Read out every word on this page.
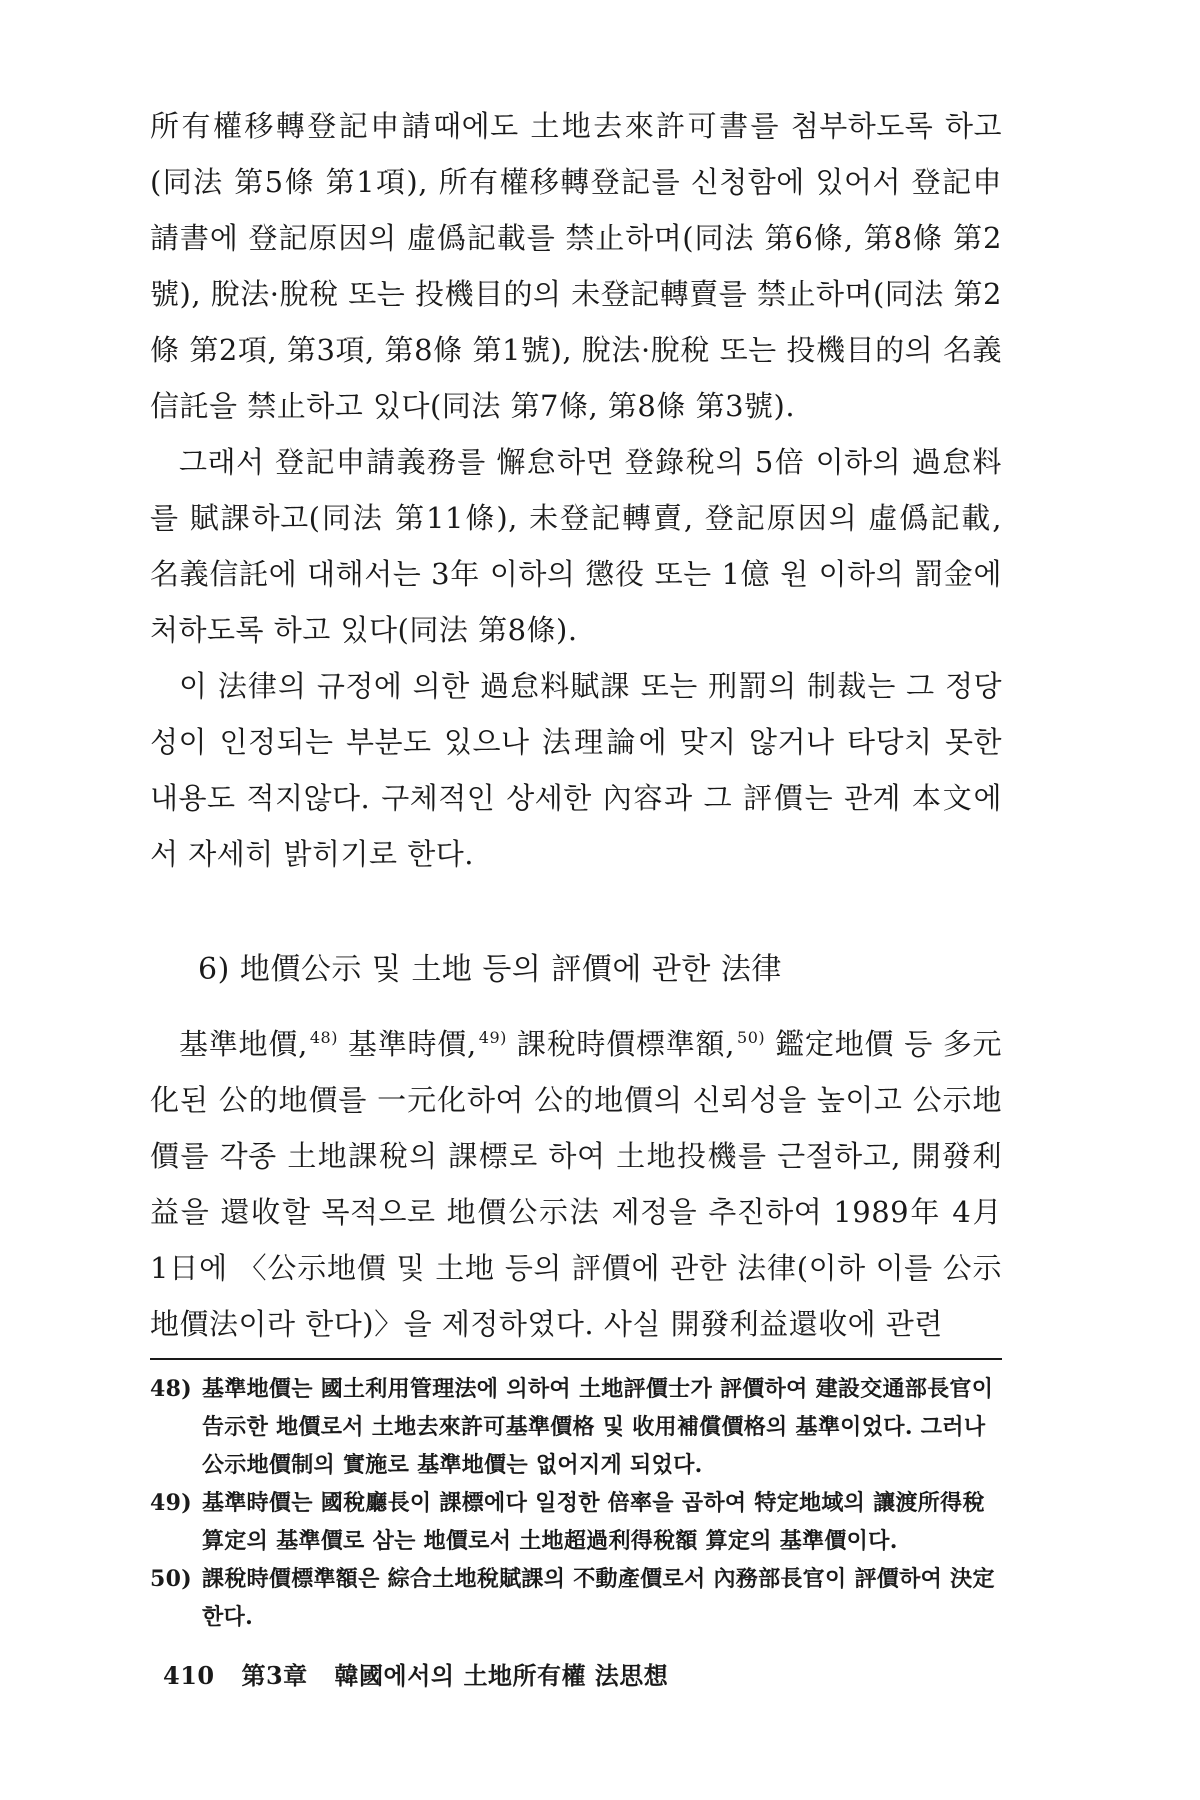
所有權移轉登記申請때에도 土地去來許可書를 첨부하도록 하고(同法 第5條 第1項), 所有權移轉登記를 신청함에 있어서 登記申請書에 登記原因의 虛僞記載를 禁止하며(同法 第6條, 第8條 第2號), 脫法·脫稅 또는 投機目的의 未登記轉賣를 禁止하며(同法 第2條 第2項, 第3項, 第8條 第1號), 脫法·脫稅 또는 投機目的의 名義信託을 禁止하고 있다(同法 第7條, 第8條 第3號).

그래서 登記申請義務를 懈怠하면 登錄稅의 5倍 이하의 過怠料를 賦課하고(同法 第11條), 未登記轉賣, 登記原因의 虛僞記載, 名義信託에 대해서는 3年 이하의 懲役 또는 1億 원 이하의 罰金에 처하도록 하고 있다(同法 第8條).

이 法律의 규정에 의한 過怠料賦課 또는 刑罰의 制裁는 그 정당성이 인정되는 부분도 있으나 法理論에 맞지 않거나 타당치 못한 내용도 적지않다. 구체적인 상세한 內容과 그 評價는 관계 本文에서 자세히 밝히기로 한다.

6) 地價公示 및 土地 등의 評價에 관한 法律

基準地價, $^{48)}$ 基準時價, $^{49)}$ 課稅時價標準額, $^{50)}$ 鑑定地價 등 多元化된 公的地價를 一元化하여 公的地價의 신뢰성을 높이고 公示地價를 각종 土地課稅의 課標로 하여 土地投機를 근절하고, 開發利益을 還收할 목적으로 地價公示法 제정을 추진하여 1989年 4月 1日에 〈公示地價 및 土地 등의 評價에 관한 法律(이하 이를 公示地價法이라 한다)〉을 제정하였다. 사실 開發利益還收에 관련

48) 基準地價는 國土利用管理法에 의하여 土地評價士가 評價하여 建設交通部長官이 告示한 地價로서 土地去來許可基準價格 및 收用補償價格의 基準이었다. 그러나 公示地價制의 實施로 基準地價는 없어지게 되었다.

49) 基準時價는 國稅廳長이 課標에다 일정한 倍率을 곱하여 特定地域의 讓渡所得稅 算定의 基準價로 삼는 地價로서 土地超過利得稅額 算定의 基準價이다.

50) 課稅時價標準額은 綜合土地稅賦課의 不動產價로서 內務部長官이 評價하여 決定한다.

410 第3章 韓國에서의 土地所有權 法思想
